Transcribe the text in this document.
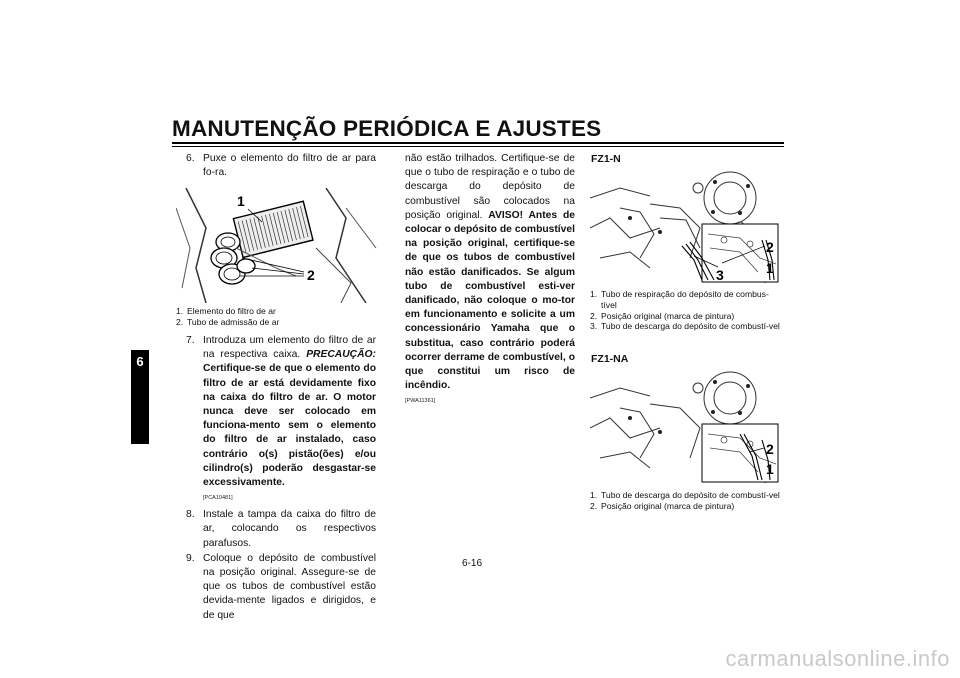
MANUTENÇÃO PERIÓDICA E AJUSTES
6
6. Puxe o elemento do filtro de ar para fo-ra.
1
2
1. Elemento do filtro de ar
2. Tubo de admissão de ar
7. Introduza um elemento do filtro de ar na respectiva caixa. PRECAUÇÃO: Certifique-se de que o elemento do filtro de ar está devidamente fixo na caixa do filtro de ar. O motor nunca deve ser colocado em funciona-mento sem o elemento do filtro de ar instalado, caso contrário o(s) pistão(ões) e/ou cilindro(s) poderão desgastar-se excessivamente.
[PCA10481]
8. Instale a tampa da caixa do filtro de ar, colocando os respectivos parafusos.
9. Coloque o depósito de combustível na posição original. Assegure-se de que os tubos de combustível estão devida-mente ligados e dirigidos, e de que
não estão trilhados. Certifique-se de que o tubo de respiração e o tubo de descarga do depósito de combustível são colocados na posição original. AVISO! Antes de colocar o depósito de combustível na posição original, certifique-se de que os tubos de combustível não estão danificados. Se algum tubo de combustível esti-ver danificado, não coloque o mo-tor em funcionamento e solicite a um concessionário Yamaha que o substitua, caso contrário poderá ocorrer derrame de combustível, o que constitui um risco de incêndio.
[PWA11361]
FZ1-N
2
3	1
1. Tubo de respiração do depósito de combus-tível
2. Posição original (marca de pintura)
3. Tubo de descarga do depósito de combustí-vel
FZ1-NA
2
1
1. Tubo de descarga do depósito de combustí-vel
2. Posição original (marca de pintura)
6-16
carmanualsonline.info
